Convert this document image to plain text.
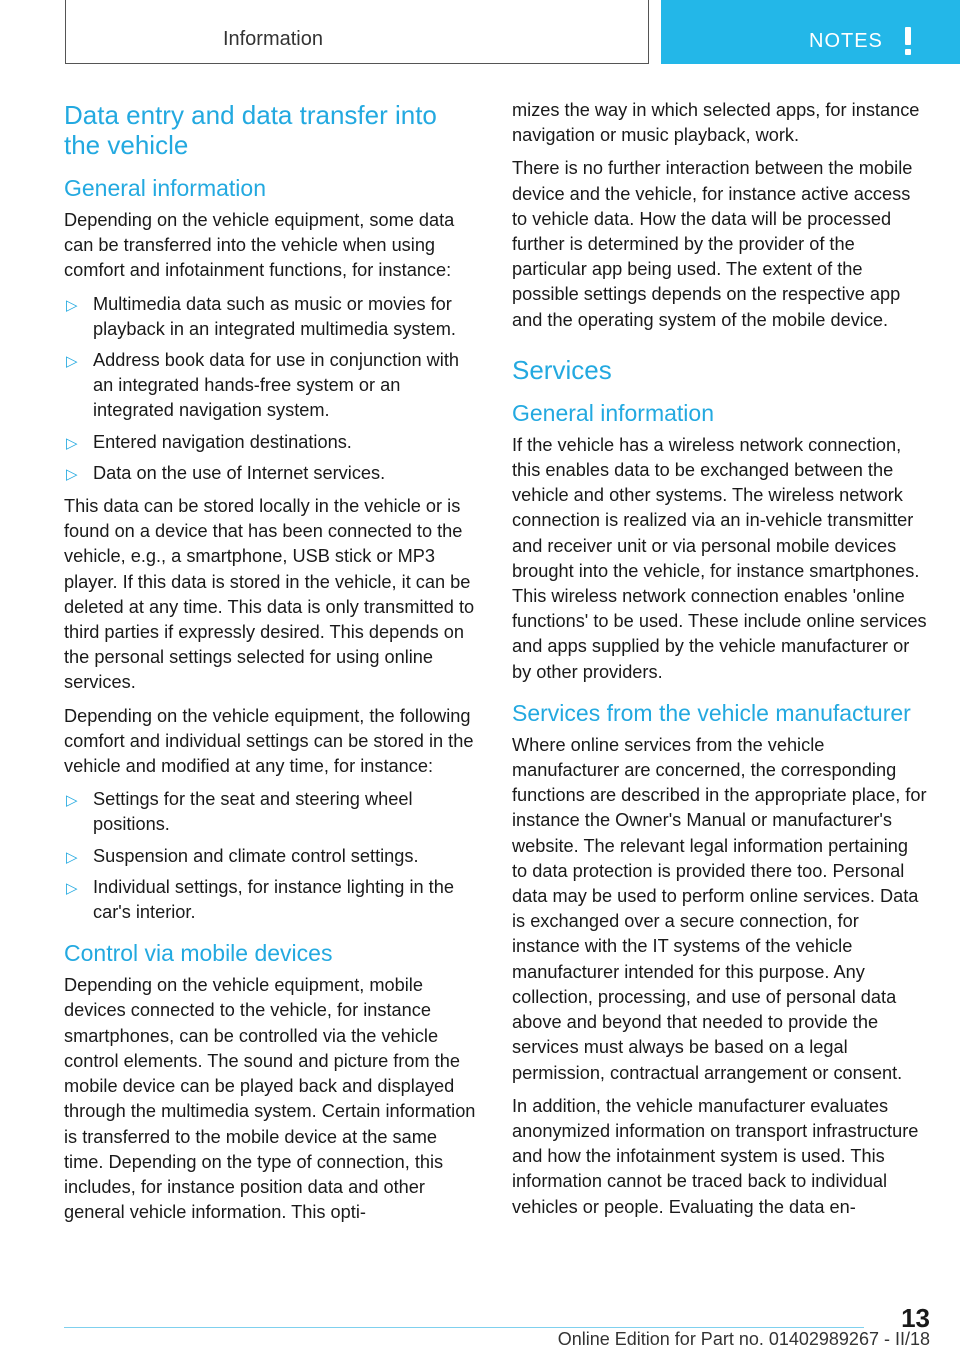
Information	NOTES
Data entry and data transfer into the vehicle
General information

Depending on the vehicle equipment, some data can be transferred into the vehicle when using comfort and infotainment functions, for instance:

▷ Multimedia data such as music or movies for playback in an integrated multimedia system.
▷ Address book data for use in conjunction with an integrated hands-free system or an integrated navigation system.
▷ Entered navigation destinations.
▷ Data on the use of Internet services.

This data can be stored locally in the vehicle or is found on a device that has been connected to the vehicle, e.g., a smartphone, USB stick or MP3 player. If this data is stored in the vehicle, it can be deleted at any time. This data is only transmitted to third parties if expressly desired. This depends on the personal settings selected for using online services.

Depending on the vehicle equipment, the following comfort and individual settings can be stored in the vehicle and modified at any time, for instance:

▷ Settings for the seat and steering wheel positions.
▷ Suspension and climate control settings.
▷ Individual settings, for instance lighting in the car's interior.
Control via mobile devices

Depending on the vehicle equipment, mobile devices connected to the vehicle, for instance smartphones, can be controlled via the vehicle control elements. The sound and picture from the mobile device can be played back and displayed through the multimedia system. Certain information is transferred to the mobile device at the same time. Depending on the type of connection, this includes, for instance position data and other general vehicle information. This opti-

mizes the way in which selected apps, for instance navigation or music playback, work.

There is no further interaction between the mobile device and the vehicle, for instance active access to vehicle data. How the data will be processed further is determined by the provider of the particular app being used. The extent of the possible settings depends on the respective app and the operating system of the mobile device.

Services
General information

If the vehicle has a wireless network connection, this enables data to be exchanged between the vehicle and other systems. The wireless network connection is realized via an in-vehicle transmitter and receiver unit or via personal mobile devices brought into the vehicle, for instance smartphones. This wireless network connection enables 'online functions' to be used. These include online services and apps supplied by the vehicle manufacturer or by other providers.

Services from the vehicle manufacturer

Where online services from the vehicle manufacturer are concerned, the corresponding functions are described in the appropriate place, for instance the Owner's Manual or manufacturer's website. The relevant legal information pertaining to data protection is provided there too. Personal data may be used to perform online services. Data is exchanged over a secure connection, for instance with the IT systems of the vehicle manufacturer intended for this purpose. Any collection, processing, and use of personal data above and beyond that needed to provide the services must always be based on a legal permission, contractual arrangement or consent.

In addition, the vehicle manufacturer evaluates anonymized information on transport infrastructure and how the infotainment system is used. This information cannot be traced back to individual vehicles or people. Evaluating the data en-

13
Online Edition for Part no. 01402989267 - II/18
